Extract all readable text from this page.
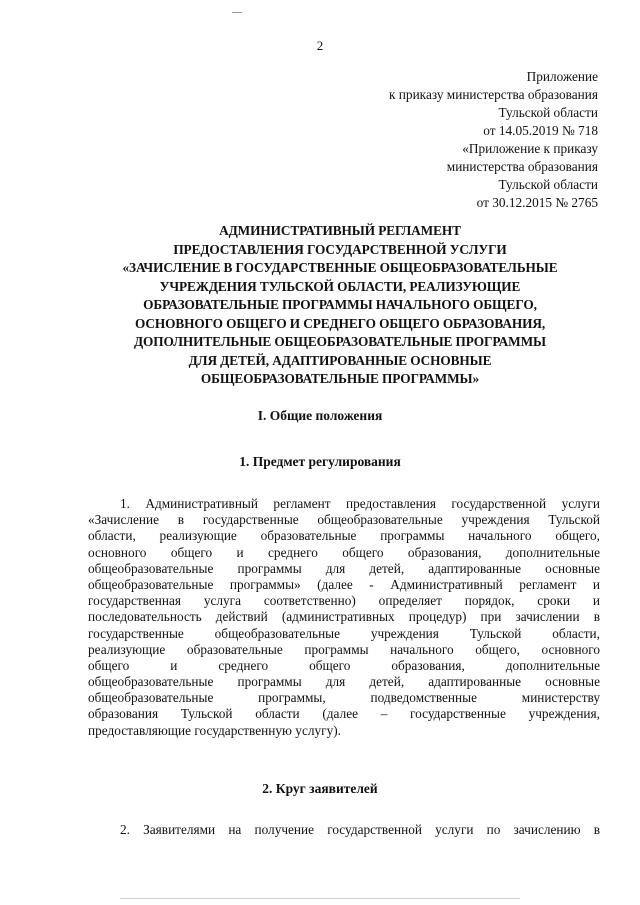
2
Приложение
к приказу министерства образования
Тульской области
от 14.05.2019 № 718
«Приложение к приказу
министерства образования
Тульской области
от 30.12.2015 № 2765
АДМИНИСТРАТИВНЫЙ РЕГЛАМЕНТ
ПРЕДОСТАВЛЕНИЯ ГОСУДАРСТВЕННОЙ УСЛУГИ
«ЗАЧИСЛЕНИЕ В ГОСУДАРСТВЕННЫЕ ОБЩЕОБРАЗОВАТЕЛЬНЫЕ
УЧРЕЖДЕНИЯ ТУЛЬСКОЙ ОБЛАСТИ, РЕАЛИЗУЮЩИЕ
ОБРАЗОВАТЕЛЬНЫЕ ПРОГРАММЫ НАЧАЛЬНОГО ОБЩЕГО,
ОСНОВНОГО ОБЩЕГО И СРЕДНЕГО ОБЩЕГО ОБРАЗОВАНИЯ,
ДОПОЛНИТЕЛЬНЫЕ ОБЩЕОБРАЗОВАТЕЛЬНЫЕ ПРОГРАММЫ
ДЛЯ ДЕТЕЙ, АДАПТИРОВАННЫЕ ОСНОВНЫЕ
ОБЩЕОБРАЗОВАТЕЛЬНЫЕ ПРОГРАММЫ»
I. Общие положения
1. Предмет регулирования
1. Административный регламент предоставления государственной услуги
«Зачисление в государственные общеобразовательные учреждения Тульской
области, реализующие образовательные программы начального общего,
основного общего и среднего общего образования, дополнительные
общеобразовательные программы для детей, адаптированные основные
общеобразовательные программы» (далее - Административный регламент и
государственная услуга соответственно) определяет порядок, сроки и
последовательность действий (административных процедур) при зачислении в
государственные общеобразовательные учреждения Тульской области,
реализующие образовательные программы начального общего, основного
общего и среднего общего образования, дополнительные
общеобразовательные программы для детей, адаптированные основные
общеобразовательные программы, подведомственные министерству
образования Тульской области (далее – государственные учреждения,
предоставляющие государственную услугу).
2. Круг заявителей
2. Заявителями на получение государственной услуги по зачислению в
